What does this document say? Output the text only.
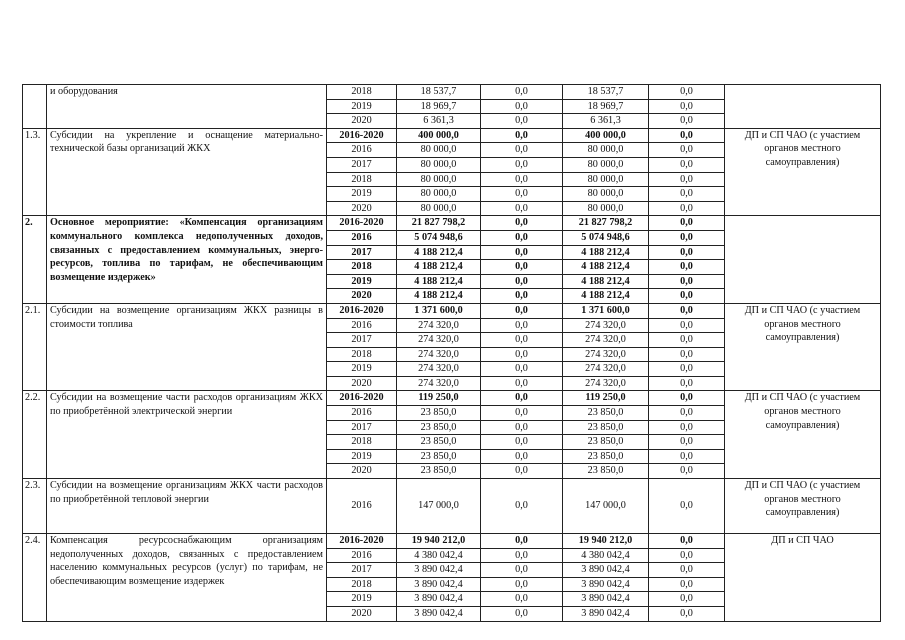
	и оборудования	2018	18 537,7	0,0	18 537,7	0,0	

		2019	18 969,7	0,0	18 969,7	0,0	
		2020	6 361,3	0,0	6 361,3	0,0	
1.3.	Субсидии на укрепление и оснащение материально-технической базы организаций ЖКХ	2016-2020	400 000,0	0,0	400 000,0	0,0	ДП и СП ЧАО (с участием органов местного самоуправления)

		2016	80 000,0	0,0	80 000,0	0,0	
		2017	80 000,0	0,0	80 000,0	0,0	
		2018	80 000,0	0,0	80 000,0	0,0	
		2019	80 000,0	0,0	80 000,0	0,0	
		2020	80 000,0	0,0	80 000,0	0,0	
2.	Основное мероприятие: «Компенсация организациям коммунального комплекса недополученных доходов, связанных с предоставлением коммунальных, энерго-ресурсов, топлива по тарифам, не обеспечивающим возмещение издержек»	2016-2020	21 827 798,2	0,0	21 827 798,2	0,0	

		2016	5 074 948,6	0,0	5 074 948,6	0,0	
		2017	4 188 212,4	0,0	4 188 212,4	0,0	
		2018	4 188 212,4	0,0	4 188 212,4	0,0	
		2019	4 188 212,4	0,0	4 188 212,4	0,0	
		2020	4 188 212,4	0,0	4 188 212,4	0,0	
2.1.	Субсидии на возмещение организациям ЖКХ разницы в стоимости топлива	2016-2020	1 371 600,0	0,0	1 371 600,0	0,0	ДП и СП ЧАО (с участием органов местного самоуправления)

		2016	274 320,0	0,0	274 320,0	0,0	
		2017	274 320,0	0,0	274 320,0	0,0	
		2018	274 320,0	0,0	274 320,0	0,0	
		2019	274 320,0	0,0	274 320,0	0,0	
		2020	274 320,0	0,0	274 320,0	0,0	
2.2.	Субсидии на возмещение части расходов организациям ЖКХ по приобретённой электрической энергии	2016-2020	119 250,0	0,0	119 250,0	0,0	ДП и СП ЧАО (с участием органов местного самоуправления)

		2016	23 850,0	0,0	23 850,0	0,0	
		2017	23 850,0	0,0	23 850,0	0,0	
		2018	23 850,0	0,0	23 850,0	0,0	
		2019	23 850,0	0,0	23 850,0	0,0	
		2020	23 850,0	0,0	23 850,0	0,0	
2.3.	Субсидии на возмещение организациям ЖКХ части расходов по приобретённой тепловой энергии	2016	147 000,0	0,0	147 000,0	0,0	ДП и СП ЧАО (с участием органов местного самоуправления)

2.4.	Компенсация ресурсоснабжающим организациям недополученных доходов, связанных с предоставлением населению коммунальных ресурсов (услуг) по тарифам, не обеспечивающим возмещение издержек	2016-2020	19 940 212,0	0,0	19 940 212,0	0,0	ДП и СП ЧАО

		2016	4 380 042,4	0,0	4 380 042,4	0,0	
		2017	3 890 042,4	0,0	3 890 042,4	0,0	
		2018	3 890 042,4	0,0	3 890 042,4	0,0	
		2019	3 890 042,4	0,0	3 890 042,4	0,0	
		2020	3 890 042,4	0,0	3 890 042,4	0,0	
